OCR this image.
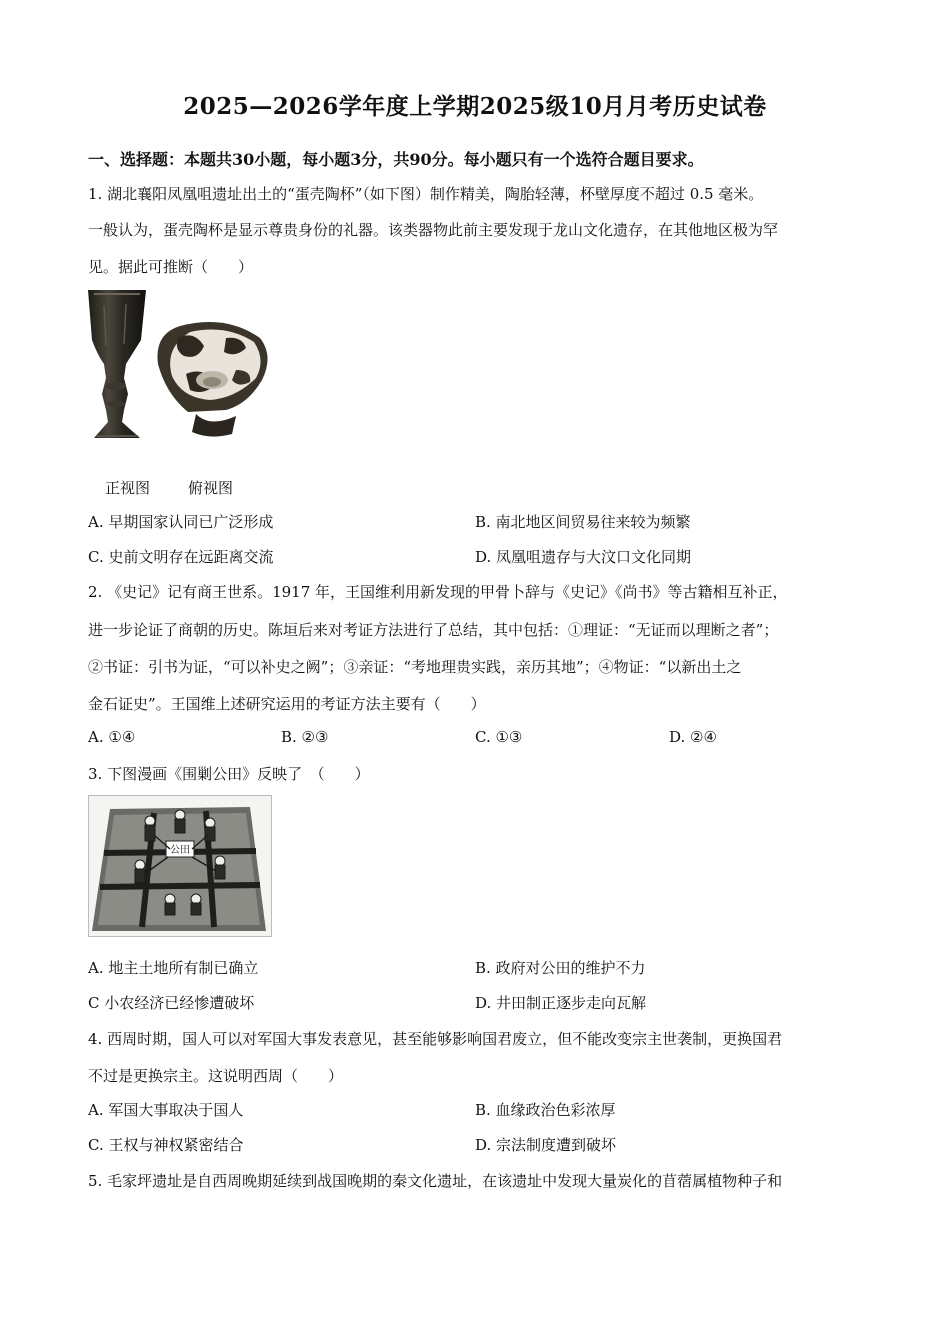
2025—2026学年度上学期2025级10月月考历史试卷
一、选择题：本题共30小题，每小题3分，共90分。每小题只有一个选符合题目要求。
1. 湖北襄阳凤凰咀遗址出土的“蛋壳陶杯”（如下图）制作精美，陶胎轻薄，杯壁厚度不超过 0.5 毫米。
一般认为，蛋壳陶杯是显示尊贵身份的礼器。该类器物此前主要发现于龙山文化遗存，在其他地区极为罕
见。据此可推断（　　）
正视图	俯视图
A. 早期国家认同已广泛形成	B. 南北地区间贸易往来较为频繁
C. 史前文明存在远距离交流	D. 凤凰咀遗存与大汶口文化同期
2. 《史记》记有商王世系。1917 年，王国维利用新发现的甲骨卜辞与《史记》《尚书》等古籍相互补正，
进一步论证了商朝的历史。陈垣后来对考证方法进行了总结，其中包括：①理证：“无证而以理断之者”；
②书证：引书为证，“可以补史之阙”；③亲证：“考地理贵实践，亲历其地”；④物证：“以新出土之
金石证史”。王国维上述研究运用的考证方法主要有（　　）
A. ①④	B. ②③	C. ①③	D. ②④
3. 下图漫画《围剿公田》反映了　（　　）
公田
A. 地主土地所有制已确立	B. 政府对公田的维护不力
C 小农经济已经惨遭破坏	D. 井田制正逐步走向瓦解
4. 西周时期，国人可以对军国大事发表意见，甚至能够影响国君废立，但不能改变宗主世袭制，更换国君
不过是更换宗主。这说明西周（　　）
A. 军国大事取决于国人	B. 血缘政治色彩浓厚
C. 王权与神权紧密结合	D. 宗法制度遭到破坏
5. 毛家坪遗址是自西周晚期延续到战国晚期的秦文化遗址，在该遗址中发现大量炭化的苜蓿属植物种子和
